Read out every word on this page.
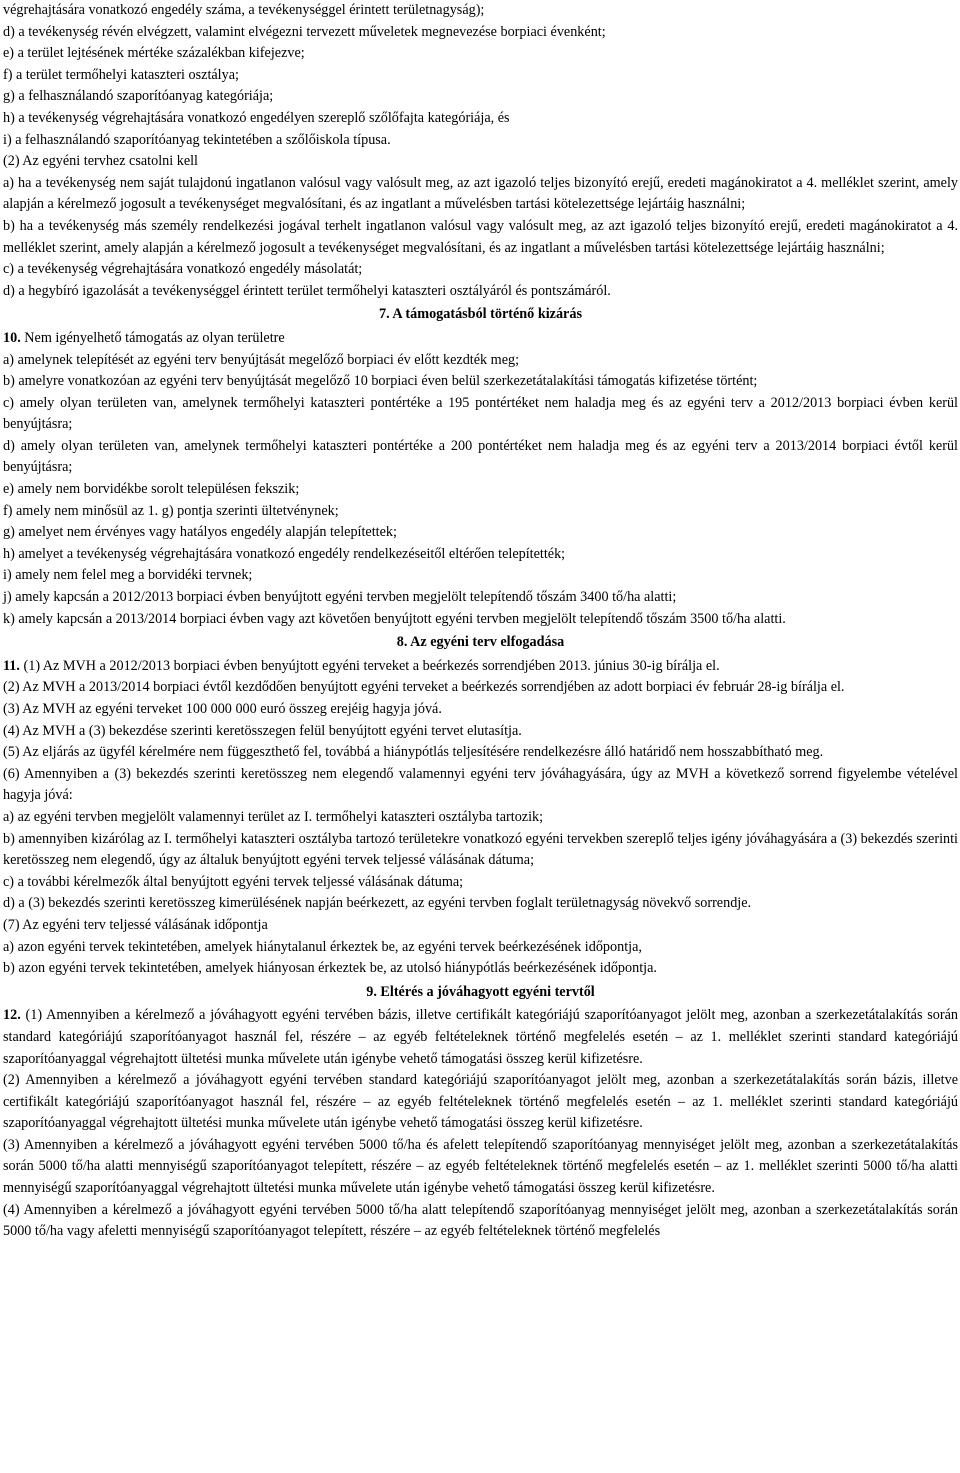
végrehajtására vonatkozó engedély száma, a tevékenységgel érintett területnagyság);

d) a tevékenység révén elvégzett, valamint elvégezni tervezett műveletek megnevezése borpiaci évenként;

e) a terület lejtésének mértéke százalékban kifejezve;

f) a terület termőhelyi kataszteri osztálya;

g) a felhasználandó szaporítóanyag kategóriája;

h) a tevékenység végrehajtására vonatkozó engedélyen szereplő szőlőfajta kategóriája, és

i) a felhasználandó szaporítóanyag tekintetében a szőlőiskola típusa.

(2) Az egyéni tervhez csatolni kell

a) ha a tevékenység nem saját tulajdonú ingatlanon valósul vagy valósult meg, az azt igazoló teljes bizonyító erejű, eredeti magánokiratot a 4. melléklet szerint, amely alapján a kérelmező jogosult a tevékenységet megvalósítani, és az ingatlant a művelésben tartási kötelezettsége lejártáig használni;

b) ha a tevékenység más személy rendelkezési jogával terhelt ingatlanon valósul vagy valósult meg, az azt igazoló teljes bizonyító erejű, eredeti magánokiratot a 4. melléklet szerint, amely alapján a kérelmező jogosult a tevékenységet megvalósítani, és az ingatlant a művelésben tartási kötelezettsége lejártáig használni;

c) a tevékenység végrehajtására vonatkozó engedély másolatát;

d) a hegybíró igazolását a tevékenységgel érintett terület termőhelyi kataszteri osztályáról és pontszámáról.

7. A támogatásból történő kizárás

10. Nem igényelhető támogatás az olyan területre

a) amelynek telepítését az egyéni terv benyújtását megelőző borpiaci év előtt kezdték meg;

b) amelyre vonatkozóan az egyéni terv benyújtását megelőző 10 borpiaci éven belül szerkezetátalakítási támogatás kifizetése történt;

c) amely olyan területen van, amelynek termőhelyi kataszteri pontértéke a 195 pontértéket nem haladja meg és az egyéni terv a 2012/2013 borpiaci évben kerül benyújtásra;

d) amely olyan területen van, amelynek termőhelyi kataszteri pontértéke a 200 pontértéket nem haladja meg és az egyéni terv a 2013/2014 borpiaci évtől kerül benyújtásra;

e) amely nem borvidékbe sorolt településen fekszik;

f) amely nem minősül az 1. g) pontja szerinti ültetvénynek;

g) amelyet nem érvényes vagy hatályos engedély alapján telepítettek;

h) amelyet a tevékenység végrehajtására vonatkozó engedély rendelkezéseitől eltérően telepítették;

i) amely nem felel meg a borvidéki tervnek;

j) amely kapcsán a 2012/2013 borpiaci évben benyújtott egyéni tervben megjelölt telepítendő tőszám 3400 tő/ha alatti;

k) amely kapcsán a 2013/2014 borpiaci évben vagy azt követően benyújtott egyéni tervben megjelölt telepítendő tőszám 3500 tő/ha alatti.

8. Az egyéni terv elfogadása

11. (1) Az MVH a 2012/2013 borpiaci évben benyújtott egyéni terveket a beérkezés sorrendjében 2013. június 30-ig bírálja el.

(2) Az MVH a 2013/2014 borpiaci évtől kezdődően benyújtott egyéni terveket a beérkezés sorrendjében az adott borpiaci év február 28-ig bírálja el.

(3) Az MVH az egyéni terveket 100 000 000 euró összeg erejéig hagyja jóvá.

(4) Az MVH a (3) bekezdése szerinti keretösszegen felül benyújtott egyéni tervet elutasítja.

(5) Az eljárás az ügyfél kérelmére nem függeszthető fel, továbbá a hiánypótlás teljesítésére rendelkezésre álló határidő nem hosszabbítható meg.

(6) Amennyiben a (3) bekezdés szerinti keretösszeg nem elegendő valamennyi egyéni terv jóváhagyására, úgy az MVH a következő sorrend figyelembe vételével hagyja jóvá:

a) az egyéni tervben megjelölt valamennyi terület az I. termőhelyi kataszteri osztályba tartozik;

b) amennyiben kizárólag az I. termőhelyi kataszteri osztályba tartozó területekre vonatkozó egyéni tervekben szereplő teljes igény jóváhagyására a (3) bekezdés szerinti keretösszeg nem elegendő, úgy az általuk benyújtott egyéni tervek teljessé válásának dátuma;

c) a további kérelmezők által benyújtott egyéni tervek teljessé válásának dátuma;

d) a (3) bekezdés szerinti keretösszeg kimerülésének napján beérkezett, az egyéni tervben foglalt területnagyság növekvő sorrendje.

(7) Az egyéni terv teljessé válásának időpontja

a) azon egyéni tervek tekintetében, amelyek hiánytalanul érkeztek be, az egyéni tervek beérkezésének időpontja,

b) azon egyéni tervek tekintetében, amelyek hiányosan érkeztek be, az utolsó hiánypótlás beérkezésének időpontja.

9. Eltérés a jóváhagyott egyéni tervtől

12. (1) Amennyiben a kérelmező a jóváhagyott egyéni tervében bázis, illetve certifikált kategóriájú szaporítóanyagot jelölt meg, azonban a szerkezetátalakítás során standard kategóriájú szaporítóanyagot használ fel, részére – az egyéb feltételeknek történő megfelelés esetén – az 1. melléklet szerinti standard kategóriájú szaporítóanyaggal végrehajtott ültetési munka művelete után igénybe vehető támogatási összeg kerül kifizetésre.

(2) Amennyiben a kérelmező a jóváhagyott egyéni tervében standard kategóriájú szaporítóanyagot jelölt meg, azonban a szerkezetátalakítás során bázis, illetve certifikált kategóriájú szaporítóanyagot használ fel, részére – az egyéb feltételeknek történő megfelelés esetén – az 1. melléklet szerinti standard kategóriájú szaporítóanyaggal végrehajtott ültetési munka művelete után igénybe vehető támogatási összeg kerül kifizetésre.

(3) Amennyiben a kérelmező a jóváhagyott egyéni tervében 5000 tő/ha és afelett telepítendő szaporítóanyag mennyiséget jelölt meg, azonban a szerkezetátalakítás során 5000 tő/ha alatti mennyiségű szaporítóanyagot telepített, részére – az egyéb feltételeknek történő megfelelés esetén – az 1. melléklet szerinti 5000 tő/ha alatti mennyiségű szaporítóanyaggal végrehajtott ültetési munka művelete után igénybe vehető támogatási összeg kerül kifizetésre.

(4) Amennyiben a kérelmező a jóváhagyott egyéni tervében 5000 tő/ha alatt telepítendő szaporítóanyag mennyiséget jelölt meg, azonban a szerkezetátalakítás során 5000 tő/ha vagy afeletti mennyiségű szaporítóanyagot telepített, részére – az egyéb feltételeknek történő megfelelés
